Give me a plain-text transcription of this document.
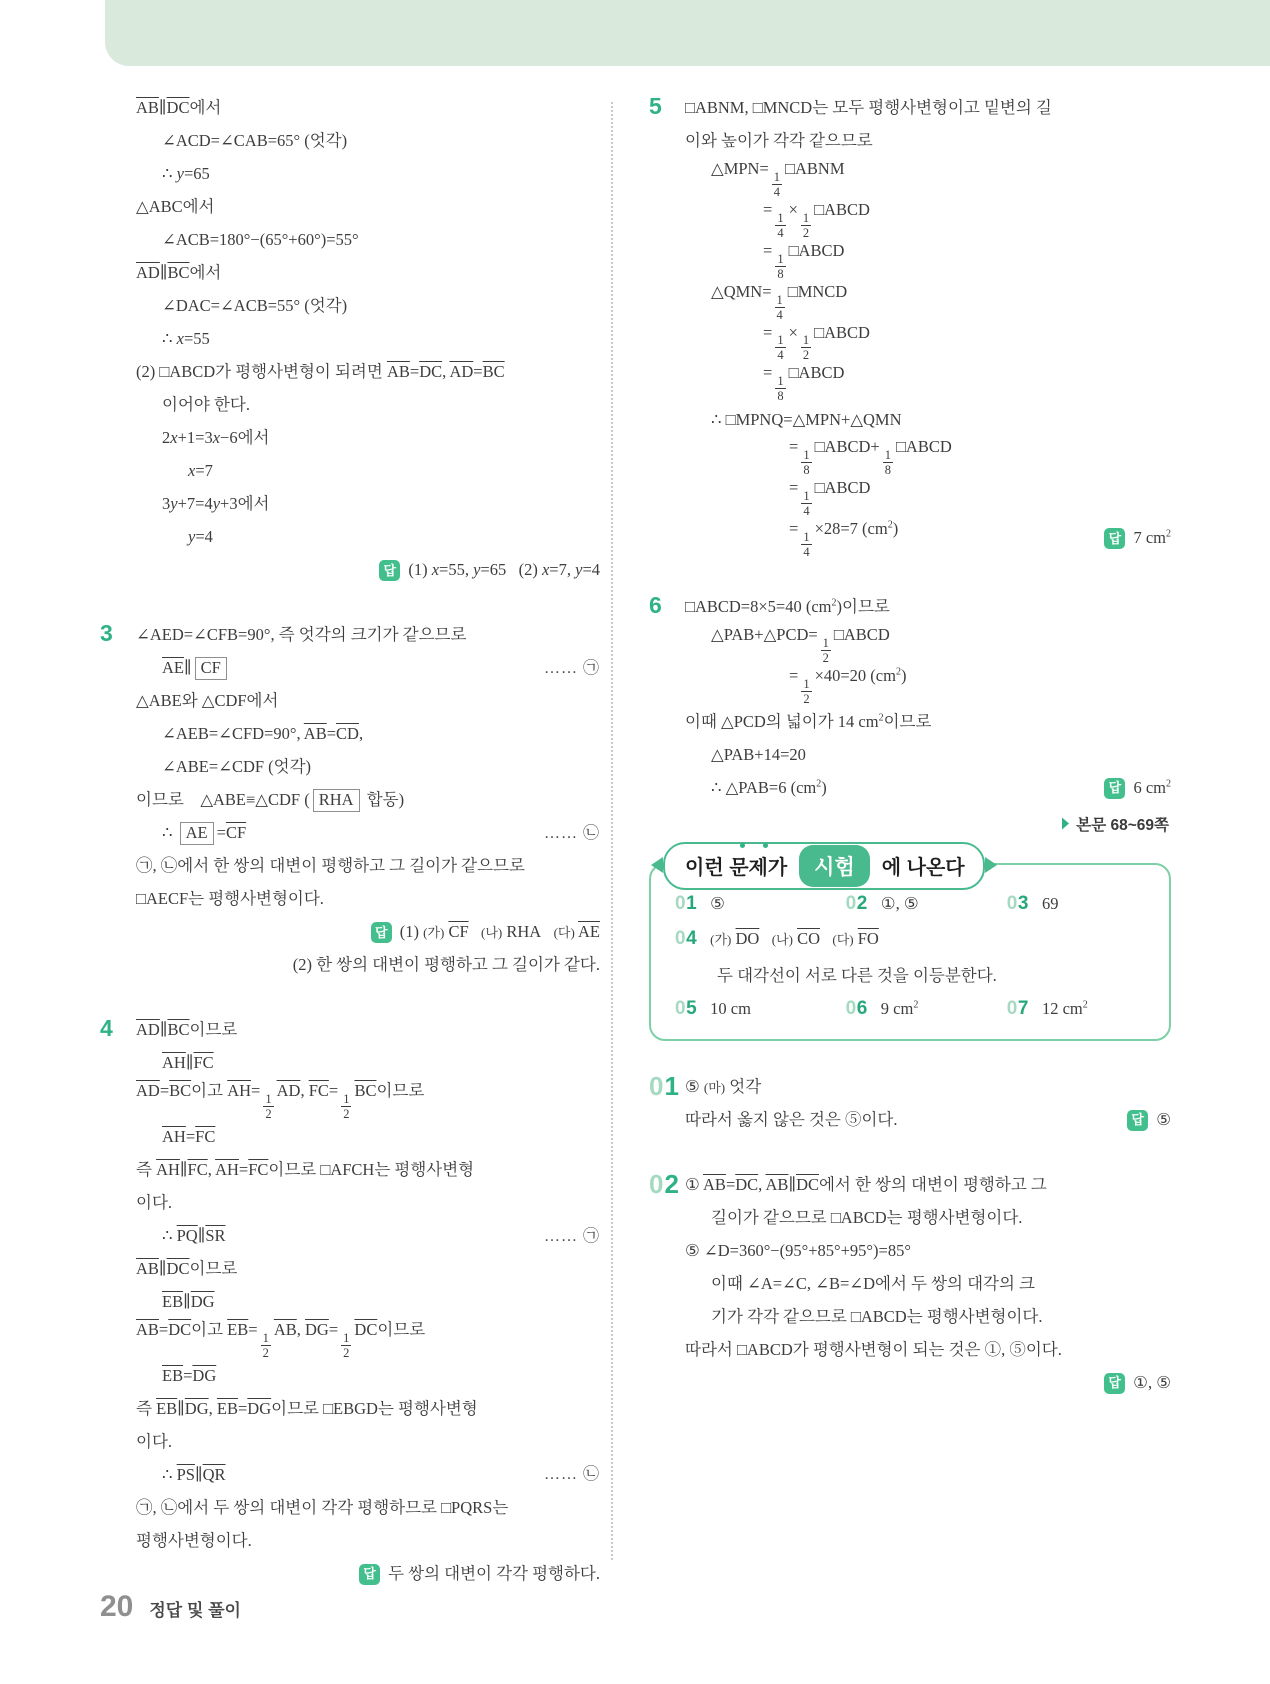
$\overline{AB}\parallel\overline{DC}$에서
∠ACD=∠CAB=65° (엇각)
∴ y=65
△ABC에서
∠ACB=180°−(65°+60°)=55°
$\overline{AD}\parallel\overline{BC}$에서
∠DAC=∠ACB=55° (엇각)
∴ x=55
(2) □ABCD가 평행사변형이 되려면 $\overline{AB}=\overline{DC}$, $\overline{AD}=\overline{BC}$
이어야 한다.
2x+1=3x−6에서
x=7
3y+7=4y+3에서
y=4
답 (1) x=55, y=65   (2) x=7, y=4
3 ∠AED=∠CFB=90°, 즉 엇각의 크기가 같으므로
$\overline{AE}\parallel$ CF	…… ㉠
△ABE와 △CDF에서
∠AEB=∠CFD=90°, $\overline{AB}=\overline{CD}$,
∠ABE=∠CDF (엇각)
이므로    △ABE≡△CDF ( RHA 합동)
∴ AE $=\overline{CF}$	…… ㉡
㉠, ㉡에서 한 쌍의 대변이 평행하고 그 길이가 같으므로
□AECF는 평행사변형이다.
답 (1) (가) $\overline{CF}$ (나) RHA   (다) $\overline{AE}$
(2) 한 쌍의 대변이 평행하고 그 길이가 같다.
4 $\overline{AD}\parallel\overline{BC}$이므로
$\overline{AH}\parallel\overline{FC}$
$\overline{AD}=\overline{BC}$이고 $\overline{AH}=$
$\frac{1}{2}$
$\overline{AD}$, $\overline{FC}=$
$\frac{1}{2}$
$\overline{BC}$이므로
$\overline{AH}=\overline{FC}$
즉 $\overline{AH}\parallel\overline{FC}$, $\overline{AH}=\overline{FC}$이므로 □AFCH는 평행사변형
이다.
∴ $\overline{PQ}\parallel\overline{SR}$	…… ㉠
$\overline{AB}\parallel\overline{DC}$이므로
$\overline{EB}\parallel\overline{DG}$
$\overline{AB}=\overline{DC}$이고 $\overline{EB}=$
$\frac{1}{2}$
$\overline{AB}$, $\overline{DG}=$
$\frac{1}{2}$
$\overline{DC}$이므로
$\overline{EB}=\overline{DG}$
즉 $\overline{EB}\parallel\overline{DG}$, $\overline{EB}=\overline{DG}$이므로 □EBGD는 평행사변형
이다.
∴ $\overline{PS}\parallel\overline{QR}$	…… ㉡
㉠, ㉡에서 두 쌍의 대변이 각각 평행하므로 □PQRS는
평행사변형이다.
답 두 쌍의 대변이 각각 평행하다.
5 □ABNM, □MNCD는 모두 평행사변형이고 밑변의 길
이와 높이가 각각 같으므로
△MPN=
$\frac{1}{4}$
□ABNM
=
$\frac{1}{4}$
×
$\frac{1}{2}$
□ABCD
=
$\frac{1}{8}$
□ABCD
△QMN=
$\frac{1}{4}$
□MNCD
=
$\frac{1}{4}$
×
$\frac{1}{2}$
□ABCD
=
$\frac{1}{8}$
□ABCD
∴ □MPNQ=△MPN+△QMN
=
$\frac{1}{8}$
□ABCD+
$\frac{1}{8}$
□ABCD
=
$\frac{1}{4}$
□ABCD
=
$\frac{1}{4}$
×28=7 $(cm^2)$
답 7 $cm^2$
6 □ABCD=8×5=40 $(cm^2)$이므로
△PAB+△PCD=
$\frac{1}{2}$
□ABCD
=
$\frac{1}{2}$
×40=20 $(cm^2)$
이때 △PCD의 넓이가 14 $cm^2$이므로
△PAB+14=20
∴ △PAB=6 $(cm^2)$	답 6 $cm^2$
본문 68~69쪽
이런 문제가	시험	에 나온다
01 ⑤	02 ①, ⑤	03 69
04 (가) $\overline{DO}$ (나) $\overline{CO}$ (다) $\overline{FO}$
두 대각선이 서로 다른 것을 이등분한다.
05 10 cm	06 9 $cm^2$	07 12 $cm^2$
01 ⑤ (마) 엇각
따라서 옳지 않은 것은 ⑤이다.	답 ⑤
02 ① $\overline{AB}=\overline{DC}$, $\overline{AB}\parallel\overline{DC}$에서 한 쌍의 대변이 평행하고 그
길이가 같으므로 □ABCD는 평행사변형이다.
⑤ ∠D=360°−(95°+85°+95°)=85°
이때 ∠A=∠C, ∠B=∠D에서 두 쌍의 대각의 크
기가 각각 같으므로 □ABCD는 평행사변형이다.
따라서 □ABCD가 평행사변형이 되는 것은 ①, ⑤이다.
답 ①, ⑤
20 정답 및 풀이
